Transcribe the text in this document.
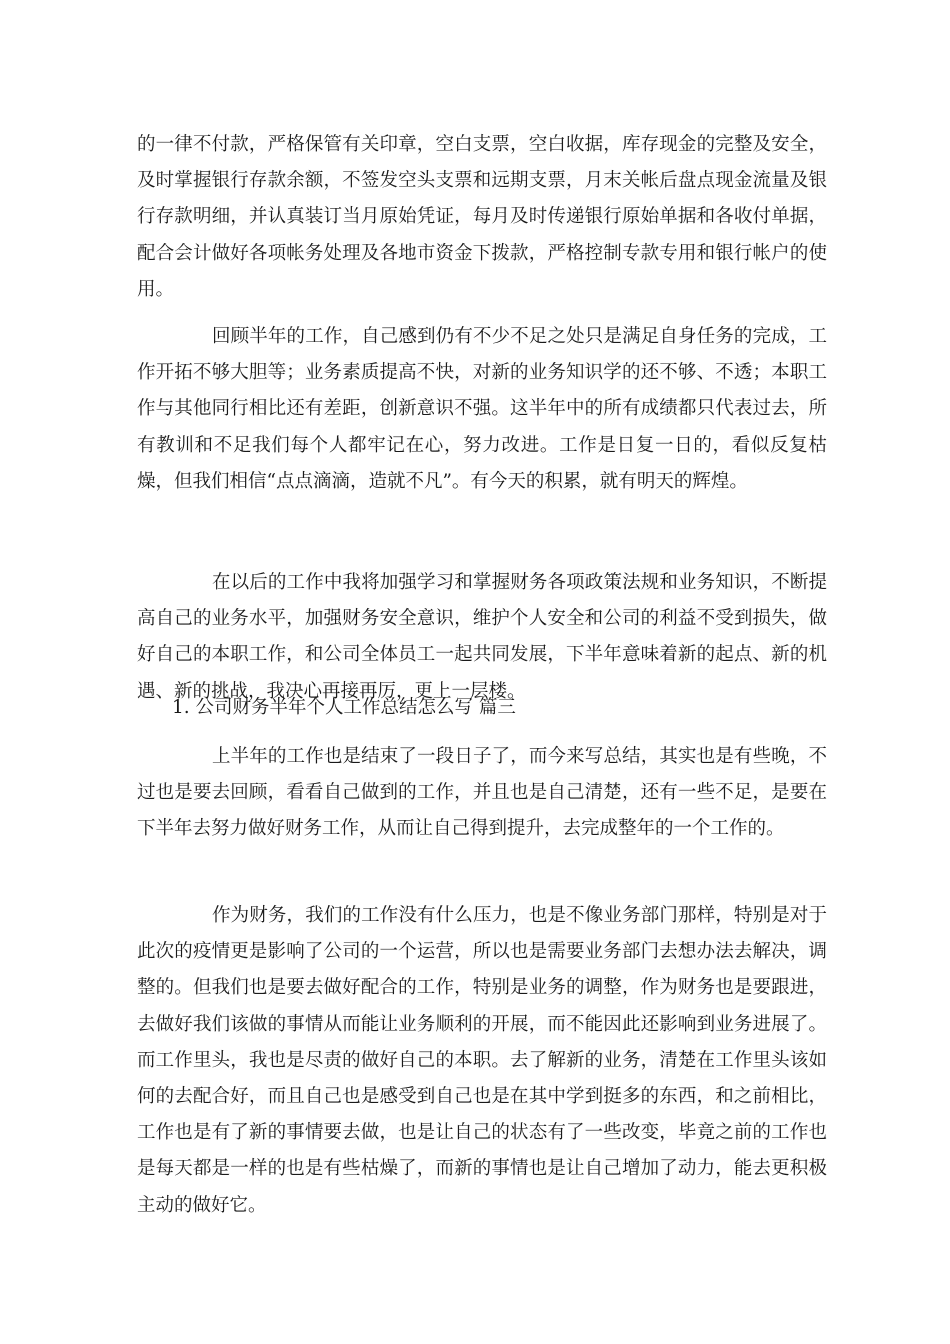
的一律不付款，严格保管有关印章，空白支票，空白收据，库存现金的完整及安全，及时掌握银行存款余额，不签发空头支票和远期支票，月末关帐后盘点现金流量及银行存款明细，并认真装订当月原始凭证，每月及时传递银行原始单据和各收付单据，配合会计做好各项帐务处理及各地市资金下拨款，严格控制专款专用和银行帐户的使用。

回顾半年的工作，自己感到仍有不少不足之处只是满足自身任务的完成，工作开拓不够大胆等；业务素质提高不快，对新的业务知识学的还不够、不透；本职工作与其他同行相比还有差距，创新意识不强。这半年中的所有成绩都只代表过去，所有教训和不足我们每个人都牢记在心，努力改进。工作是日复一日的，看似反复枯燥，但我们相信“点点滴滴，造就不凡”。有今天的积累，就有明天的辉煌。

在以后的工作中我将加强学习和掌握财务各项政策法规和业务知识，不断提高自己的业务水平，加强财务安全意识，维护个人安全和公司的利益不受到损失，做好自己的本职工作，和公司全体员工一起共同发展，下半年意味着新的起点、新的机遇、新的挑战，我决心再接再厉，更上一层楼。

1. 公司财务半年个人工作总结怎么写 篇三

上半年的工作也是结束了一段日子了，而今来写总结，其实也是有些晚，不过也是要去回顾，看看自己做到的工作，并且也是自己清楚，还有一些不足，是要在下半年去努力做好财务工作，从而让自己得到提升，去完成整年的一个工作的。

作为财务，我们的工作没有什么压力，也是不像业务部门那样，特别是对于此次的疫情更是影响了公司的一个运营，所以也是需要业务部门去想办法去解决，调整的。但我们也是要去做好配合的工作，特别是业务的调整，作为财务也是要跟进，去做好我们该做的事情从而能让业务顺利的开展，而不能因此还影响到业务进展了。而工作里头，我也是尽责的做好自己的本职。去了解新的业务，清楚在工作里头该如何的去配合好，而且自己也是感受到自己也是在其中学到挺多的东西，和之前相比，工作也是有了新的事情要去做，也是让自己的状态有了一些改变，毕竟之前的工作也是每天都是一样的也是有些枯燥了，而新的事情也是让自己增加了动力，能去更积极主动的做好它。
